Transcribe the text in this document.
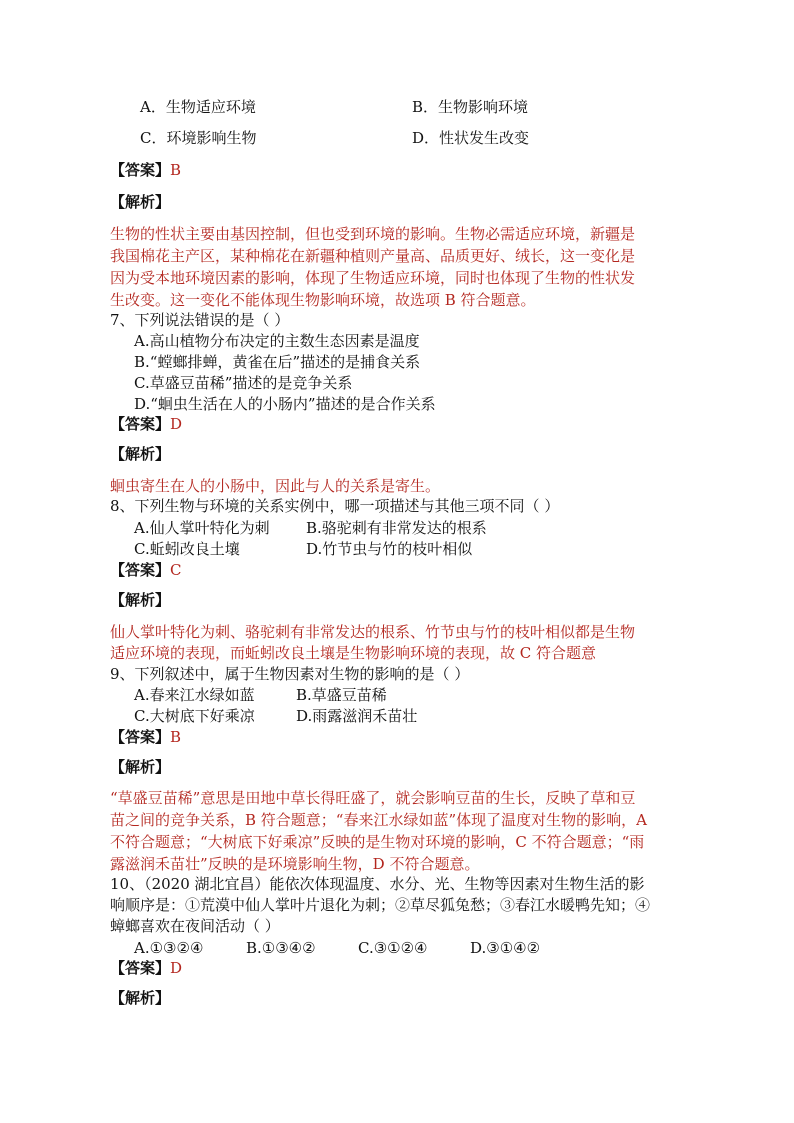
A．生物适应环境	B．生物影响环境
C．环境影响生物	D．性状发生改变
【答案】B
【解析】
生物的性状主要由基因控制，但也受到环境的影响。生物必需适应环境，新疆是
我国棉花主产区，某种棉花在新疆种植则产量高、品质更好、绒长，这一变化是
因为受本地环境因素的影响，体现了生物适应环境，同时也体现了生物的性状发
生改变。这一变化不能体现生物影响环境，故选项 B 符合题意。
7、下列说法错误的是（ ）
A.高山植物分布决定的主数生态因素是温度
B.“螳螂排蝉，黄雀在后”描述的是捕食关系
C.草盛豆苗稀”描述的是竞争关系
D.“蛔虫生活在人的小肠内”描述的是合作关系
【答案】D
【解析】
蛔虫寄生在人的小肠中，因此与人的关系是寄生。
8、下列生物与环境的关系实例中，哪一项描述与其他三项不同（ ）
A.仙人掌叶特化为刺 B.骆驼刺有非常发达的根系
C.蚯蚓改良土壤	D.竹节虫与竹的枝叶相似
【答案】C
【解析】
仙人掌叶特化为刺、骆驼刺有非常发达的根系、竹节虫与竹的枝叶相似都是生物
适应环境的表现，而蚯蚓改良土壤是生物影响环境的表现，故 C 符合题意
9、下列叙述中，属于生物因素对生物的影响的是（ ）
A.春来江水绿如蓝	B.草盛豆苗稀
C.大树底下好乘凉	D.雨露滋润禾苗壮
【答案】B
【解析】
“草盛豆苗稀”意思是田地中草长得旺盛了，就会影响豆苗的生长，反映了草和豆
苗之间的竞争关系，B 符合题意；“春来江水绿如蓝”体现了温度对生物的影响，A
不符合题意；“大树底下好乘凉”反映的是生物对环境的影响，C 不符合题意；“雨
露滋润禾苗壮”反映的是环境影响生物，D 不符合题意。
10、（2020 湖北宜昌）能依次体现温度、水分、光、生物等因素对生物生活的影
响顺序是：①荒漠中仙人掌叶片退化为刺；②草尽狐兔愁；③春江水暖鸭先知；④
蟑螂喜欢在夜间活动（ ）
A.①③②④	B.①③④②	C.③①②④	D.③①④②
【答案】D
【解析】
